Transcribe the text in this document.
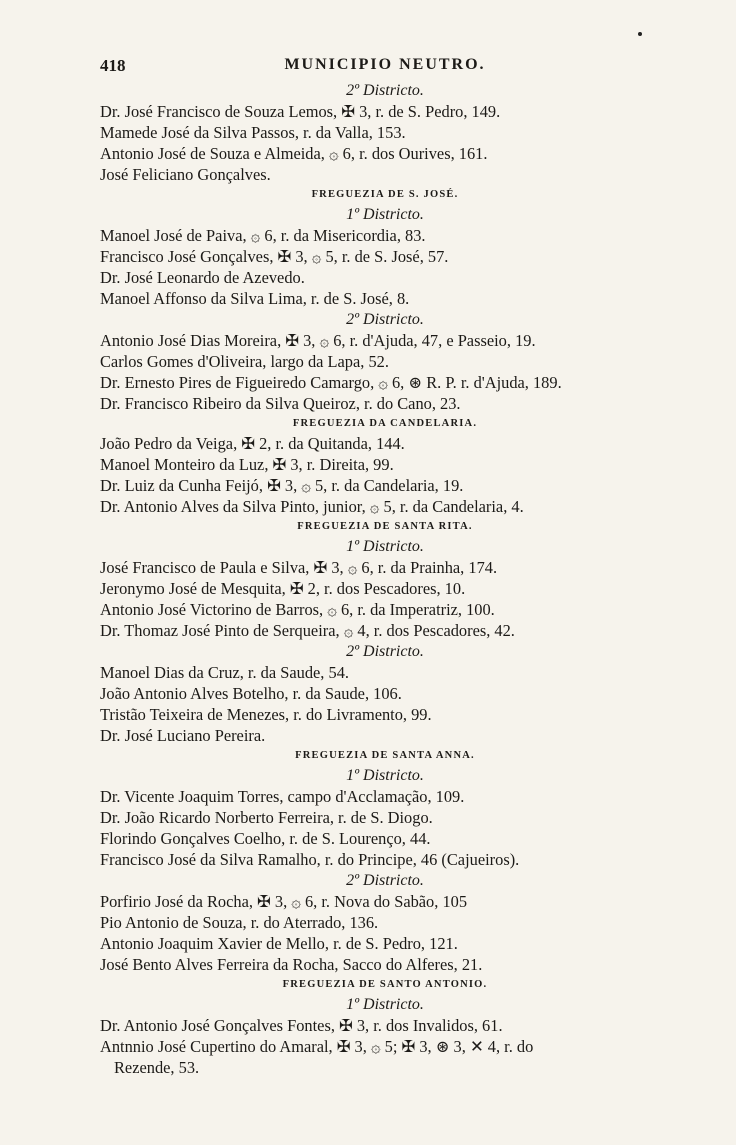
418	MUNICIPIO NEUTRO.
2º Districto.
Dr. José Francisco de Souza Lemos, ✠ 3, r. de S. Pedro, 149.
Mamede José da Silva Passos, r. da Valla, 153.
Antonio José de Souza e Almeida, ۞ 6, r. dos Ourives, 161.
José Feliciano Gonçalves.
FREGUEZIA DE S. JOSÉ.
1º Districto.
Manoel José de Paiva, ۞ 6, r. da Misericordia, 83.
Francisco José Gonçalves, ✠ 3, ۞ 5, r. de S. José, 57.
Dr. José Leonardo de Azevedo.
Manoel Affonso da Silva Lima, r. de S. José, 8.
2º Districto.
Antonio José Dias Moreira, ✠ 3, ۞ 6, r. d'Ajuda, 47, e Passeio, 19.
Carlos Gomes d'Oliveira, largo da Lapa, 52.
Dr. Ernesto Pires de Figueiredo Camargo, ۞ 6, ⊛ R. P. r. d'Ajuda, 189.
Dr. Francisco Ribeiro da Silva Queiroz, r. do Cano, 23.
FREGUEZIA DA CANDELARIA.
João Pedro da Veiga, ✠ 2, r. da Quitanda, 144.
Manoel Monteiro da Luz, ✠ 3, r. Direita, 99.
Dr. Luiz da Cunha Feijó, ✠ 3, ۞ 5, r. da Candelaria, 19.
Dr. Antonio Alves da Silva Pinto, junior, ۞ 5, r. da Candelaria, 4.
FREGUEZIA DE SANTA RITA.
1º Districto.
José Francisco de Paula e Silva, ✠ 3, ۞ 6, r. da Prainha, 174.
Jeronymo José de Mesquita, ✠ 2, r. dos Pescadores, 10.
Antonio José Victorino de Barros, ۞ 6, r. da Imperatriz, 100.
Dr. Thomaz José Pinto de Serqueira, ۞ 4, r. dos Pescadores, 42.
2º Districto.
Manoel Dias da Cruz, r. da Saude, 54.
João Antonio Alves Botelho, r. da Saude, 106.
Tristão Teixeira de Menezes, r. do Livramento, 99.
Dr. José Luciano Pereira.
FREGUEZIA DE SANTA ANNA.
1º Districto.
Dr. Vicente Joaquim Torres, campo d'Acclamação, 109.
Dr. João Ricardo Norberto Ferreira, r. de S. Diogo.
Florindo Gonçalves Coelho, r. de S. Lourenço, 44.
Francisco José da Silva Ramalho, r. do Principe, 46 (Cajueiros).
2º Districto.
Porfirio José da Rocha, ✠ 3, ۞ 6, r. Nova do Sabão, 105
Pio Antonio de Souza, r. do Aterrado, 136.
Antonio Joaquim Xavier de Mello, r. de S. Pedro, 121.
José Bento Alves Ferreira da Rocha, Sacco do Alferes, 21.
FREGUEZIA DE SANTO ANTONIO.
1º Districto.
Dr. Antonio José Gonçalves Fontes, ✠ 3, r. dos Invalidos, 61.
Antnnio José Cupertino do Amaral, ✠ 3, ۞ 5; ✠ 3, ⊛ 3, ✕ 4, r. do
Rezende, 53.
